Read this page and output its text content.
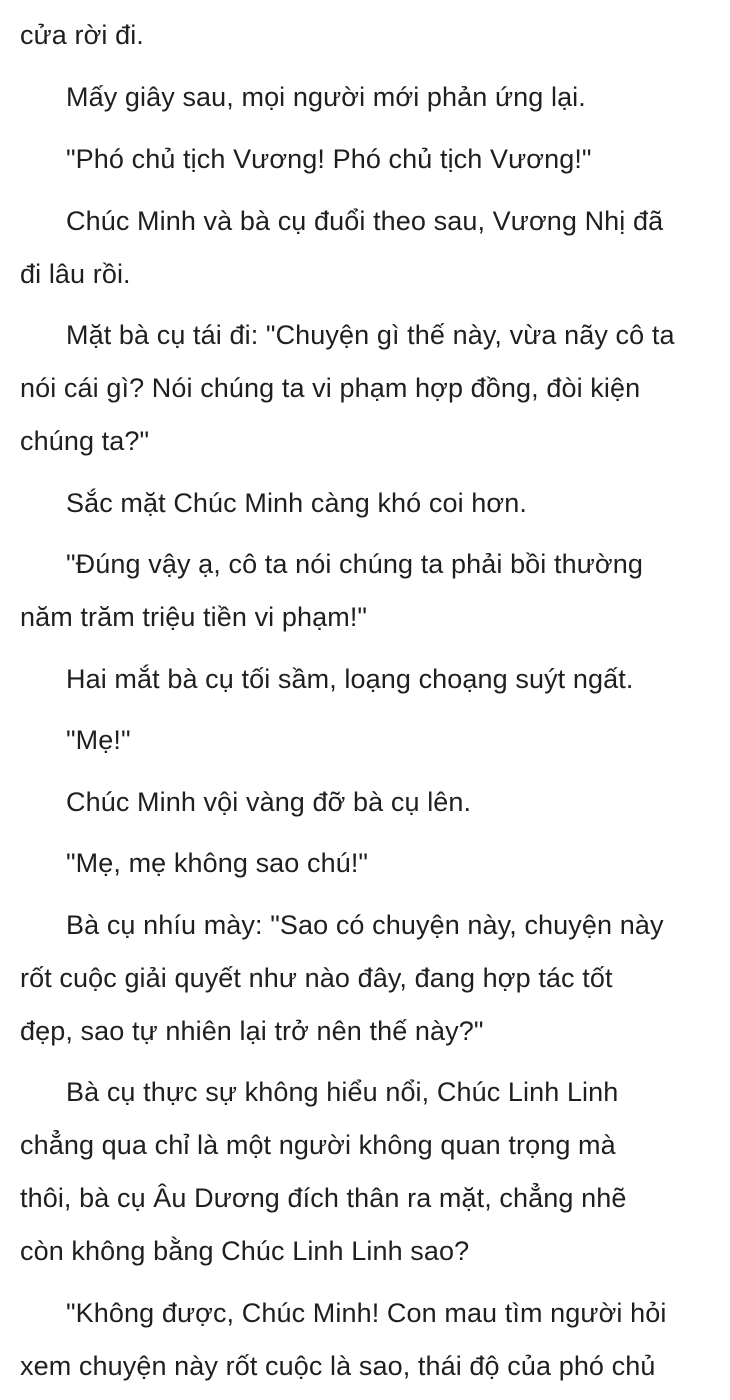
cửa rời đi.
Mấy giây sau, mọi người mới phản ứng lại.
"Phó chủ tịch Vương! Phó chủ tịch Vương!"
Chúc Minh và bà cụ đuổi theo sau, Vương Nhị đã
đi lâu rồi.
Mặt bà cụ tái đi: "Chuyện gì thế này, vừa nãy cô ta
nói cái gì? Nói chúng ta vi phạm hợp đồng, đòi kiện
chúng ta?"
Sắc mặt Chúc Minh càng khó coi hơn.
"Đúng vậy ạ, cô ta nói chúng ta phải bồi thường
năm trăm triệu tiền vi phạm!"
Hai mắt bà cụ tối sầm, loạng choạng suýt ngất.
"Mẹ!"
Chúc Minh vội vàng đỡ bà cụ lên.
"Mẹ, mẹ không sao chú!"
Bà cụ nhíu mày: "Sao có chuyện này, chuyện này
rốt cuộc giải quyết như nào đây, đang hợp tác tốt
đẹp, sao tự nhiên lại trở nên thế này?"
Bà cụ thực sự không hiểu nổi, Chúc Linh Linh
chẳng qua chỉ là một người không quan trọng mà
thôi, bà cụ Âu Dương đích thân ra mặt, chẳng nhẽ
còn không bằng Chúc Linh Linh sao?
"Không được, Chúc Minh! Con mau tìm người hỏi
xem chuyện này rốt cuộc là sao, thái độ của phó chủ
